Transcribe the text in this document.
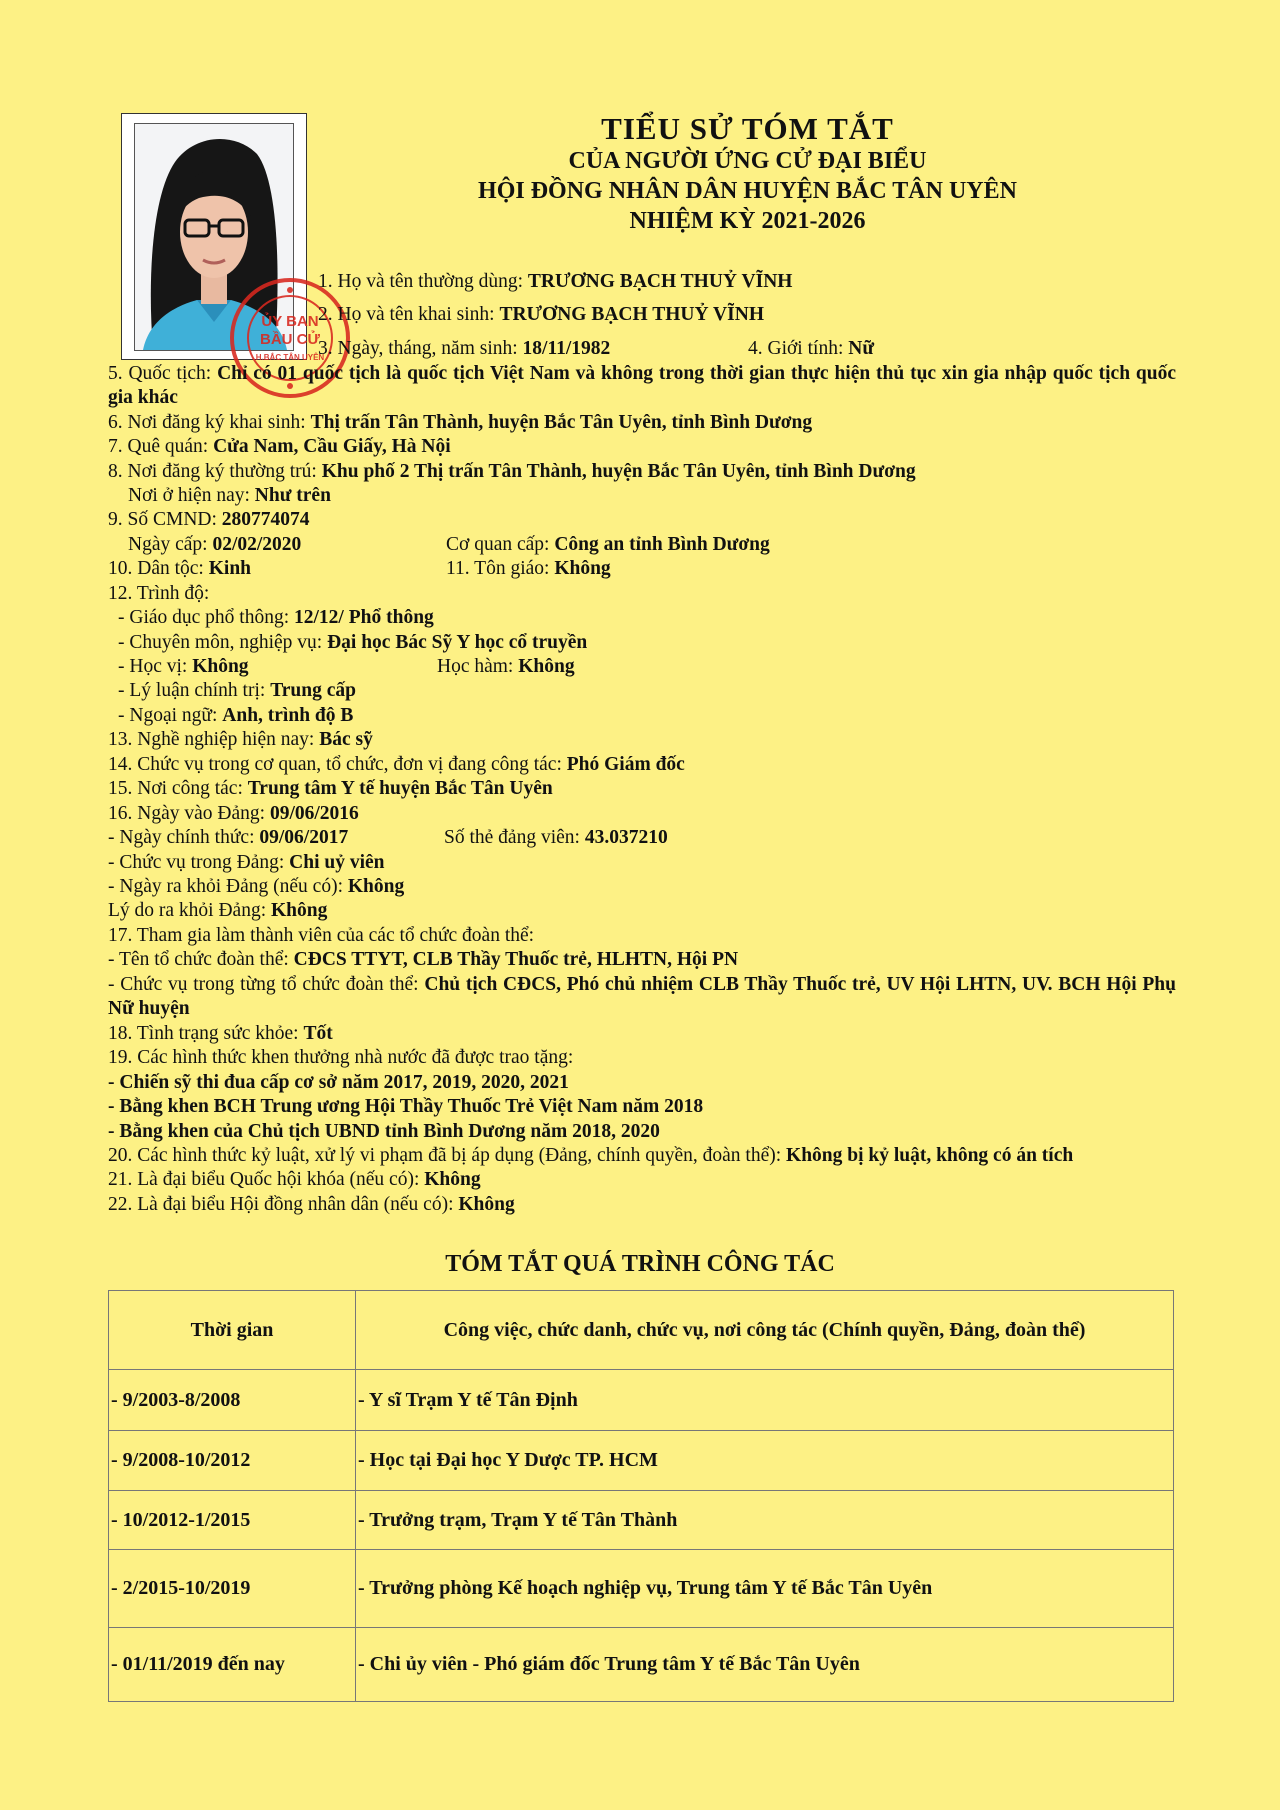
ỦY BAN
BẦU CỬ
H.BẮC TÂN UYÊN
TIỂU SỬ TÓM TẮT
CỦA NGƯỜI ỨNG CỬ ĐẠI BIỂU
HỘI ĐỒNG NHÂN DÂN HUYỆN BẮC TÂN UYÊN
NHIỆM KỲ 2021-2026
1. Họ và tên thường dùng: TRƯƠNG BẠCH THUỶ VĨNH
2. Họ và tên khai sinh: TRƯƠNG BẠCH THUỶ VĨNH
3. Ngày, tháng, năm sinh: 18/11/1982	4. Giới tính: Nữ
5. Quốc tịch: Chỉ có 01 quốc tịch là quốc tịch Việt Nam và không trong thời gian thực hiện thủ tục xin gia nhập quốc tịch quốc gia khác
6. Nơi đăng ký khai sinh: Thị trấn Tân Thành, huyện Bắc Tân Uyên, tỉnh Bình Dương
7. Quê quán: Cửa Nam, Cầu Giấy, Hà Nội
8. Nơi đăng ký thường trú: Khu phố 2 Thị trấn Tân Thành, huyện Bắc Tân Uyên, tỉnh Bình Dương
Nơi ở hiện nay: Như trên
9. Số CMND: 280774074
Ngày cấp: 02/02/2020	Cơ quan cấp: Công an tỉnh Bình Dương
10. Dân tộc: Kinh	11. Tôn giáo: Không
12. Trình độ:
- Giáo dục phổ thông: 12/12/ Phổ thông
- Chuyên môn, nghiệp vụ: Đại học Bác Sỹ Y học cổ truyền
- Học vị: Không	Học hàm: Không
- Lý luận chính trị: Trung cấp
- Ngoại ngữ: Anh, trình độ B
13. Nghề nghiệp hiện nay: Bác sỹ
14. Chức vụ trong cơ quan, tổ chức, đơn vị đang công tác: Phó Giám đốc
15. Nơi công tác: Trung tâm Y tế huyện Bắc Tân Uyên
16. Ngày vào Đảng: 09/06/2016
- Ngày chính thức: 09/06/2017	Số thẻ đảng viên: 43.037210
- Chức vụ trong Đảng: Chi uỷ viên
- Ngày ra khỏi Đảng (nếu có): Không
Lý do ra khỏi Đảng: Không
17. Tham gia làm thành viên của các tổ chức đoàn thể:
- Tên tổ chức đoàn thể: CĐCS TTYT, CLB Thầy Thuốc trẻ, HLHTN, Hội PN
- Chức vụ trong từng tổ chức đoàn thể: Chủ tịch CĐCS, Phó chủ nhiệm CLB Thầy Thuốc trẻ, UV Hội LHTN, UV. BCH Hội Phụ Nữ huyện
18. Tình trạng sức khỏe: Tốt
19. Các hình thức khen thưởng nhà nước đã được trao tặng:
- Chiến sỹ thi đua cấp cơ sở năm 2017, 2019, 2020, 2021
- Bằng khen BCH Trung ương Hội Thầy Thuốc Trẻ Việt Nam năm 2018
- Bằng khen của Chủ tịch UBND tỉnh Bình Dương năm 2018, 2020
20. Các hình thức kỷ luật, xử lý vi phạm đã bị áp dụng (Đảng, chính quyền, đoàn thể): Không bị kỷ luật, không có án tích
21. Là đại biểu Quốc hội khóa (nếu có): Không
22. Là đại biểu Hội đồng nhân dân (nếu có): Không
TÓM TẮT QUÁ TRÌNH CÔNG TÁC
Thời gian	Công việc, chức danh, chức vụ, nơi công tác (Chính quyền, Đảng, đoàn thể)
- 9/2003-8/2008	- Y sĩ Trạm Y tế Tân Định
- 9/2008-10/2012	- Học tại Đại học Y Dược TP. HCM
- 10/2012-1/2015	- Trưởng trạm, Trạm Y tế Tân Thành
- 2/2015-10/2019	- Trưởng phòng Kế hoạch nghiệp vụ, Trung tâm Y tế Bắc Tân Uyên
- 01/11/2019 đến nay	- Chi ủy viên - Phó giám đốc Trung tâm Y tế Bắc Tân Uyên
